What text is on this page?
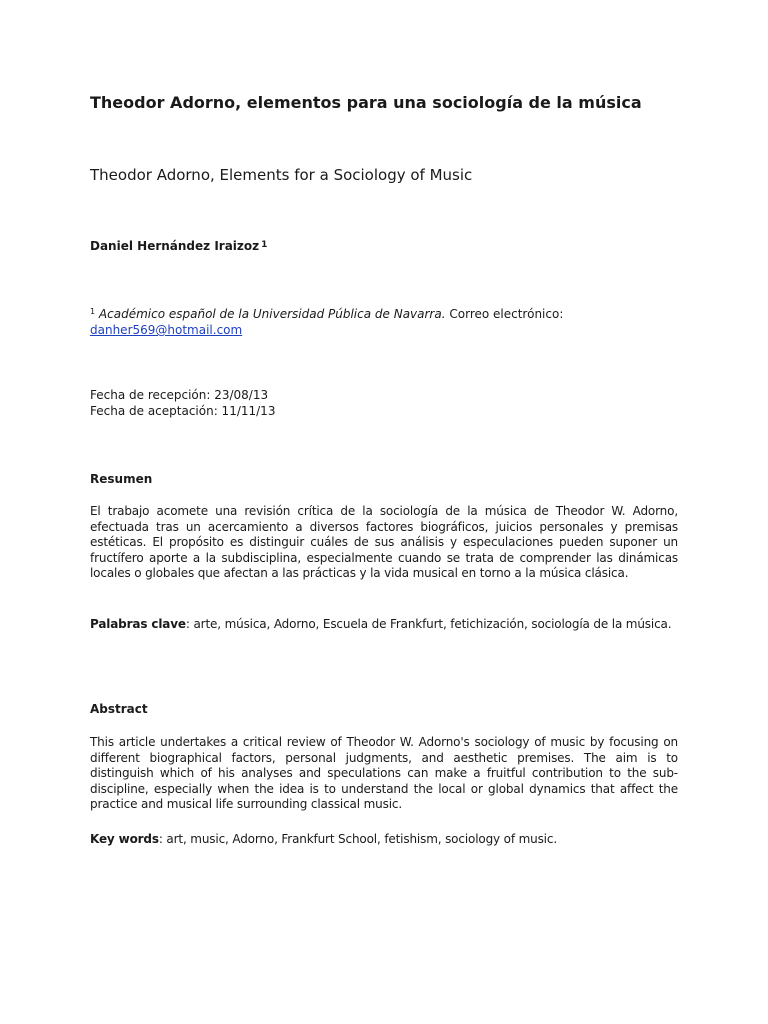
Theodor Adorno, elementos para una sociología de la música
Theodor Adorno, Elements for a Sociology of Music

Daniel Hernández Iraizoz $^1$

$^1$ Académico español de la Universidad Pública de Navarra. Correo electrónico: danher569@hotmail.com

Fecha de recepción: 23/08/13
Fecha de aceptación: 11/11/13
Resumen

El trabajo acomete una revisión crítica de la sociología de la música de Theodor W. Adorno, efectuada tras un acercamiento a diversos factores biográficos, juicios personales y premisas estéticas. El propósito es distinguir cuáles de sus análisis y especulaciones pueden suponer un fructífero aporte a la subdisciplina, especialmente cuando se trata de comprender las dinámicas locales o globales que afectan a las prácticas y la vida musical en torno a la música clásica.

Palabras clave: arte, música, Adorno, Escuela de Frankfurt, fetichización, sociología de la música.

Abstract

This article undertakes a critical review of Theodor W. Adorno's sociology of music by focusing on different biographical factors, personal judgments, and aesthetic premises. The aim is to distinguish which of his analyses and speculations can make a fruitful contribution to the sub-discipline, especially when the idea is to understand the local or global dynamics that affect the practice and musical life surrounding classical music.

Key words: art, music, Adorno, Frankfurt School, fetishism, sociology of music.
